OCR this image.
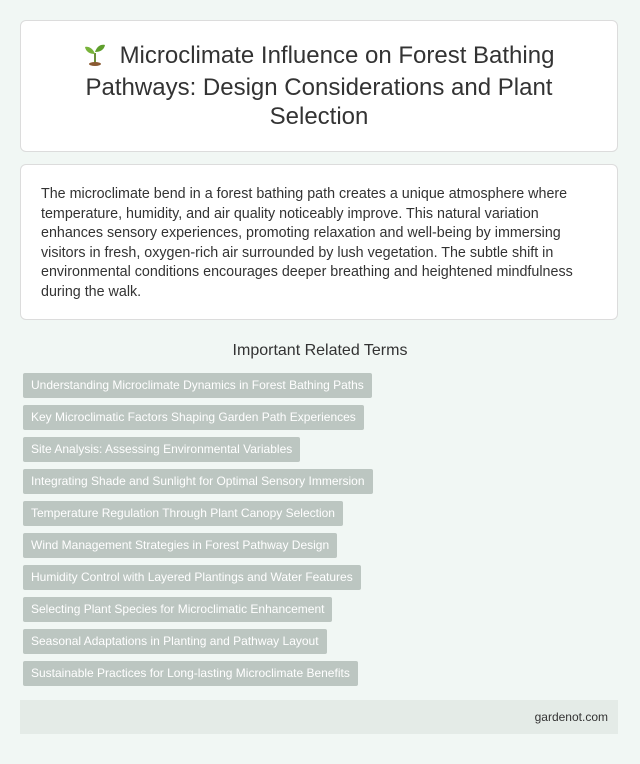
Microclimate Influence on Forest Bathing Pathways: Design Considerations and Plant Selection

The microclimate bend in a forest bathing path creates a unique atmosphere where temperature, humidity, and air quality noticeably improve. This natural variation enhances sensory experiences, promoting relaxation and well-being by immersing visitors in fresh, oxygen-rich air surrounded by lush vegetation. The subtle shift in environmental conditions encourages deeper breathing and heightened mindfulness during the walk.

Important Related Terms
Understanding Microclimate Dynamics in Forest Bathing Paths
Key Microclimatic Factors Shaping Garden Path Experiences
Site Analysis: Assessing Environmental Variables
Integrating Shade and Sunlight for Optimal Sensory Immersion
Temperature Regulation Through Plant Canopy Selection
Wind Management Strategies in Forest Pathway Design
Humidity Control with Layered Plantings and Water Features
Selecting Plant Species for Microclimatic Enhancement
Seasonal Adaptations in Planting and Pathway Layout
Sustainable Practices for Long-lasting Microclimate Benefits
gardenot.com
